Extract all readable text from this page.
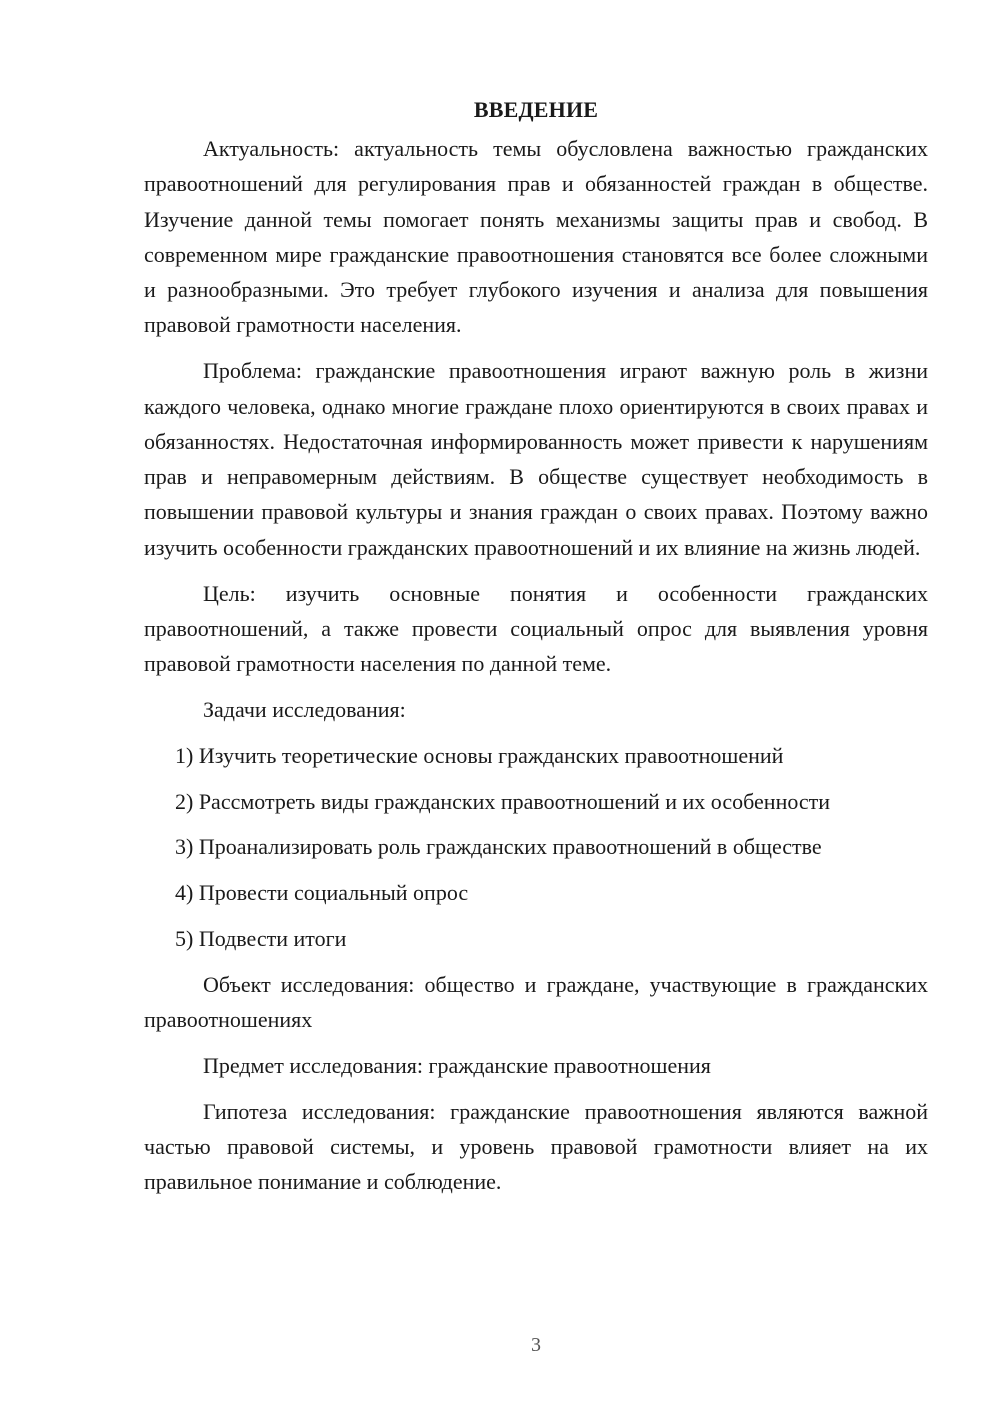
ВВЕДЕНИЕ

Актуальность: актуальность темы обусловлена важностью гражданских правоотношений для регулирования прав и обязанностей граждан в обществе. Изучение данной темы помогает понять механизмы защиты прав и свобод. В современном мире гражданские правоотношения становятся все более сложными и разнообразными. Это требует глубокого изучения и анализа для повышения правовой грамотности населения.

Проблема: гражданские правоотношения играют важную роль в жизни каждого человека, однако многие граждане плохо ориентируются в своих правах и обязанностях. Недостаточная информированность может привести к нарушениям прав и неправомерным действиям. В обществе существует необходимость в повышении правовой культуры и знания граждан о своих правах. Поэтому важно изучить особенности гражданских правоотношений и их влияние на жизнь людей.

Цель: изучить основные понятия и особенности гражданских правоотношений, а также провести социальный опрос для выявления уровня правовой грамотности населения по данной теме.

Задачи исследования:

1) Изучить теоретические основы гражданских правоотношений
2) Рассмотреть виды гражданских правоотношений и их особенности
3) Проанализировать роль гражданских правоотношений в обществе
4) Провести социальный опрос
5) Подвести итоги

Объект исследования: общество и граждане, участвующие в гражданских правоотношениях

Предмет исследования: гражданские правоотношения

Гипотеза исследования: гражданские правоотношения являются важной частью правовой системы, и уровень правовой грамотности влияет на их правильное понимание и соблюдение.

3
